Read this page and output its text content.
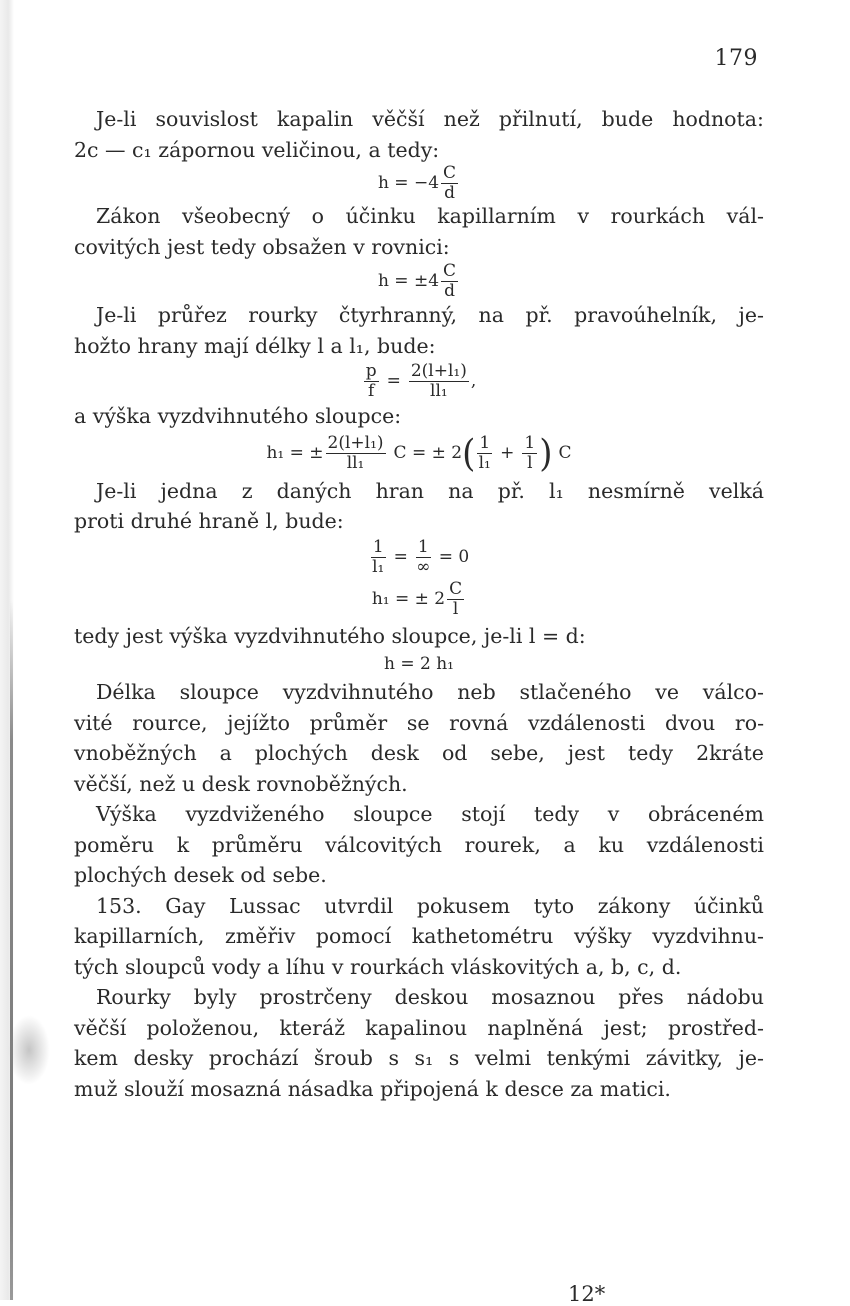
179
Je-li souvislost kapalin věčší než přilnutí, bude hodnota:
2c — c₁ zápornou veličinou, a tedy:
$h = -4 \frac{C}{d}$
Zákon všeobecný o účinku kapillarním v rourkách vál-
covitých jest tedy obsažen v rovnici:
$h = \pm 4 \frac{C}{d}$
Je-li průřez rourky čtyrhranný, na př. pravoúhelník, je-
hožto hrany mají délky l a l₁, bude:
$\frac{p}{f} = \frac{\text{2(l+l₁)}}{\text{ll₁}}$ ,
a výška vyzdvihnutého sloupce:
h₁ = ± $\frac{\text{2(l+l₁)}}{\text{ll₁}}$ C = ± 2 ( $\frac{1}{\text{l₁}} + \frac{1}{l}$ ) C
Je-li jedna z daných hran na př. l₁ nesmírně velká
proti druhé hraně l, bude:
$\frac{1}{\text{l₁}} = \frac{1}{\infty} = 0$
h₁ = ± $2 \frac{C}{l}$
tedy jest výška vyzdvihnutého sloupce, je-li l = d:
h = 2 h₁
Délka sloupce vyzdvihnutého neb stlačeného ve válco-
vité rource, jejížto průměr se rovná vzdálenosti dvou ro-
vnoběžných a plochých desk od sebe, jest tedy 2kráte
věčší, než u desk rovnoběžných.
Výška vyzdviženého sloupce stojí tedy v obráceném
poměru k průměru válcovitých rourek, a ku vzdálenosti
plochých desek od sebe.
153. Gay Lussac utvrdil pokusem tyto zákony účinků
kapillarních, změřiv pomocí kathetométru výšky vyzdvihnu-
tých sloupců vody a líhu v rourkách vláskovitých a, b, c, d.
Rourky byly prostrčeny deskou mosaznou přes nádobu
věčší položenou, kteráž kapalinou naplněná jest; prostřed-
kem desky prochází šroub s s₁ s velmi tenkými závitky, je-
muž slouží mosazná násadka připojená k desce za matici.
12*
